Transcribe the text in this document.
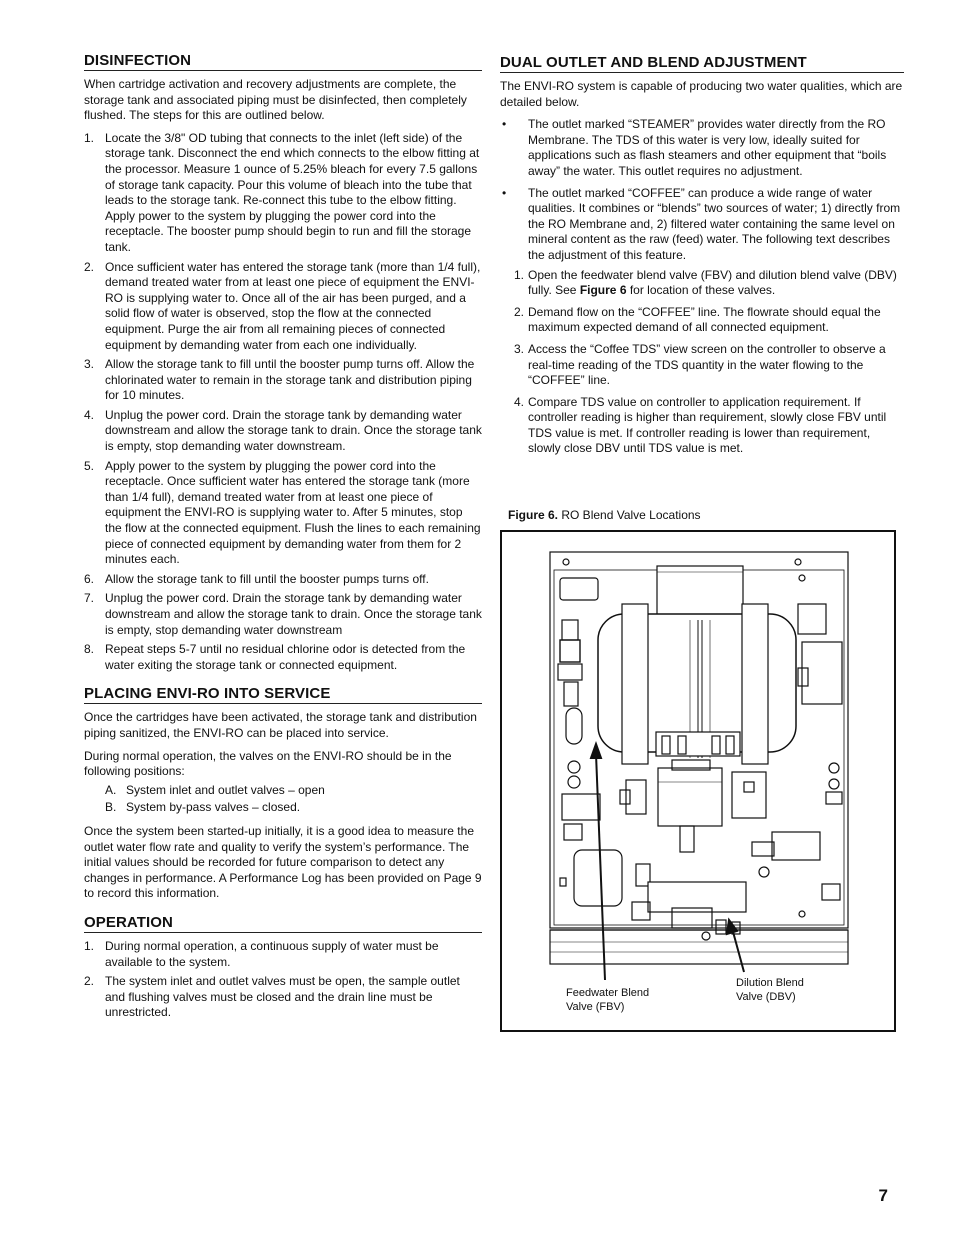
DISINFECTION

When cartridge activation and recovery adjustments are complete, the storage tank and associated piping must be disinfected, then completely flushed. The steps for this are outlined below.

1. Locate the 3/8" OD tubing that connects to the inlet (left side) of the storage tank. Disconnect the end which connects to the elbow fitting at the processor. Measure 1 ounce of 5.25% bleach for every 7.5 gallons of storage tank capacity. Pour this volume of bleach into the tube that leads to the storage tank. Re-connect this tube to the elbow fitting. Apply power to the system by plugging the power cord into the receptacle. The booster pump should begin to run and fill the storage tank.
2. Once sufficient water has entered the storage tank (more than 1/4 full), demand treated water from at least one piece of equipment the ENVI-RO is supplying water to. Once all of the air has been purged, and a solid flow of water is observed, stop the flow at the connected equipment. Purge the air from all remaining pieces of connected equipment by demanding water from each one individually.
3. Allow the storage tank to fill until the booster pump turns off. Allow the chlorinated water to remain in the storage tank and distribution piping for 10 minutes.
4. Unplug the power cord. Drain the storage tank by demanding water downstream and allow the storage tank to drain. Once the storage tank is empty, stop demanding water downstream.
5. Apply power to the system by plugging the power cord into the receptacle. Once sufficient water has entered the storage tank (more than 1/4 full), demand treated water from at least one piece of equipment the ENVI-RO is supplying water to. After 5 minutes, stop the flow at the connected equipment. Flush the lines to each remaining piece of connected equipment by demanding water from them for 2 minutes each.
6. Allow the storage tank to fill until the booster pumps turns off.
7. Unplug the power cord. Drain the storage tank by demanding water downstream and allow the storage tank to drain. Once the storage tank is empty, stop demanding water downstream
8. Repeat steps 5-7 until no residual chlorine odor is detected from the water exiting the storage tank or connected equipment.
PLACING ENVI-RO INTO SERVICE

Once the cartridges have been activated, the storage tank and distribution piping sanitized, the ENVI-RO can be placed into service.

During normal operation, the valves on the ENVI-RO should be in the following positions:

A. System inlet and outlet valves – open
B. System by-pass valves – closed.

Once the system been started-up initially, it is a good idea to measure the outlet water flow rate and quality to verify the system’s performance. The initial values should be recorded for future comparison to detect any changes in performance. A Performance Log has been provided on Page 9 to record this information.

OPERATION
1. During normal operation, a continuous supply of water must be available to the system.
2. The system inlet and outlet valves must be open, the sample outlet and flushing valves must be closed and the drain line must be unrestricted.
DUAL OUTLET AND BLEND ADJUSTMENT

The ENVI-RO system is capable of producing two water qualities, which are detailed below.

• The outlet marked “STEAMER” provides water directly from the RO Membrane. The TDS of this water is very low, ideally suited for applications such as flash steamers and other equipment that “boils away” the water. This outlet requires no adjustment.
• The outlet marked “COFFEE” can produce a wide range of water qualities. It combines or “blends” two sources of water; 1) directly from the RO Membrane and, 2) filtered water containing the same level on mineral content as the raw (feed) water. The following text describes the adjustment of this feature.
1. Open the feedwater blend valve (FBV) and dilution blend valve (DBV) fully. See Figure 6 for location of these valves.
2. Demand flow on the “COFFEE” line. The flowrate should equal the maximum expected demand of all connected equipment.
3. Access the “Coffee TDS” view screen on the controller to observe a real-time reading of the TDS quantity in the water flowing to the “COFFEE” line.
4. Compare TDS value on controller to application requirement. If controller reading is higher than requirement, slowly close FBV until TDS value is met. If controller reading is lower than requirement, slowly close DBV until TDS value is met.
Figure 6. RO Blend Valve Locations
Feedwater Blend
Valve (FBV)
Dilution Blend
Valve (DBV)
7
